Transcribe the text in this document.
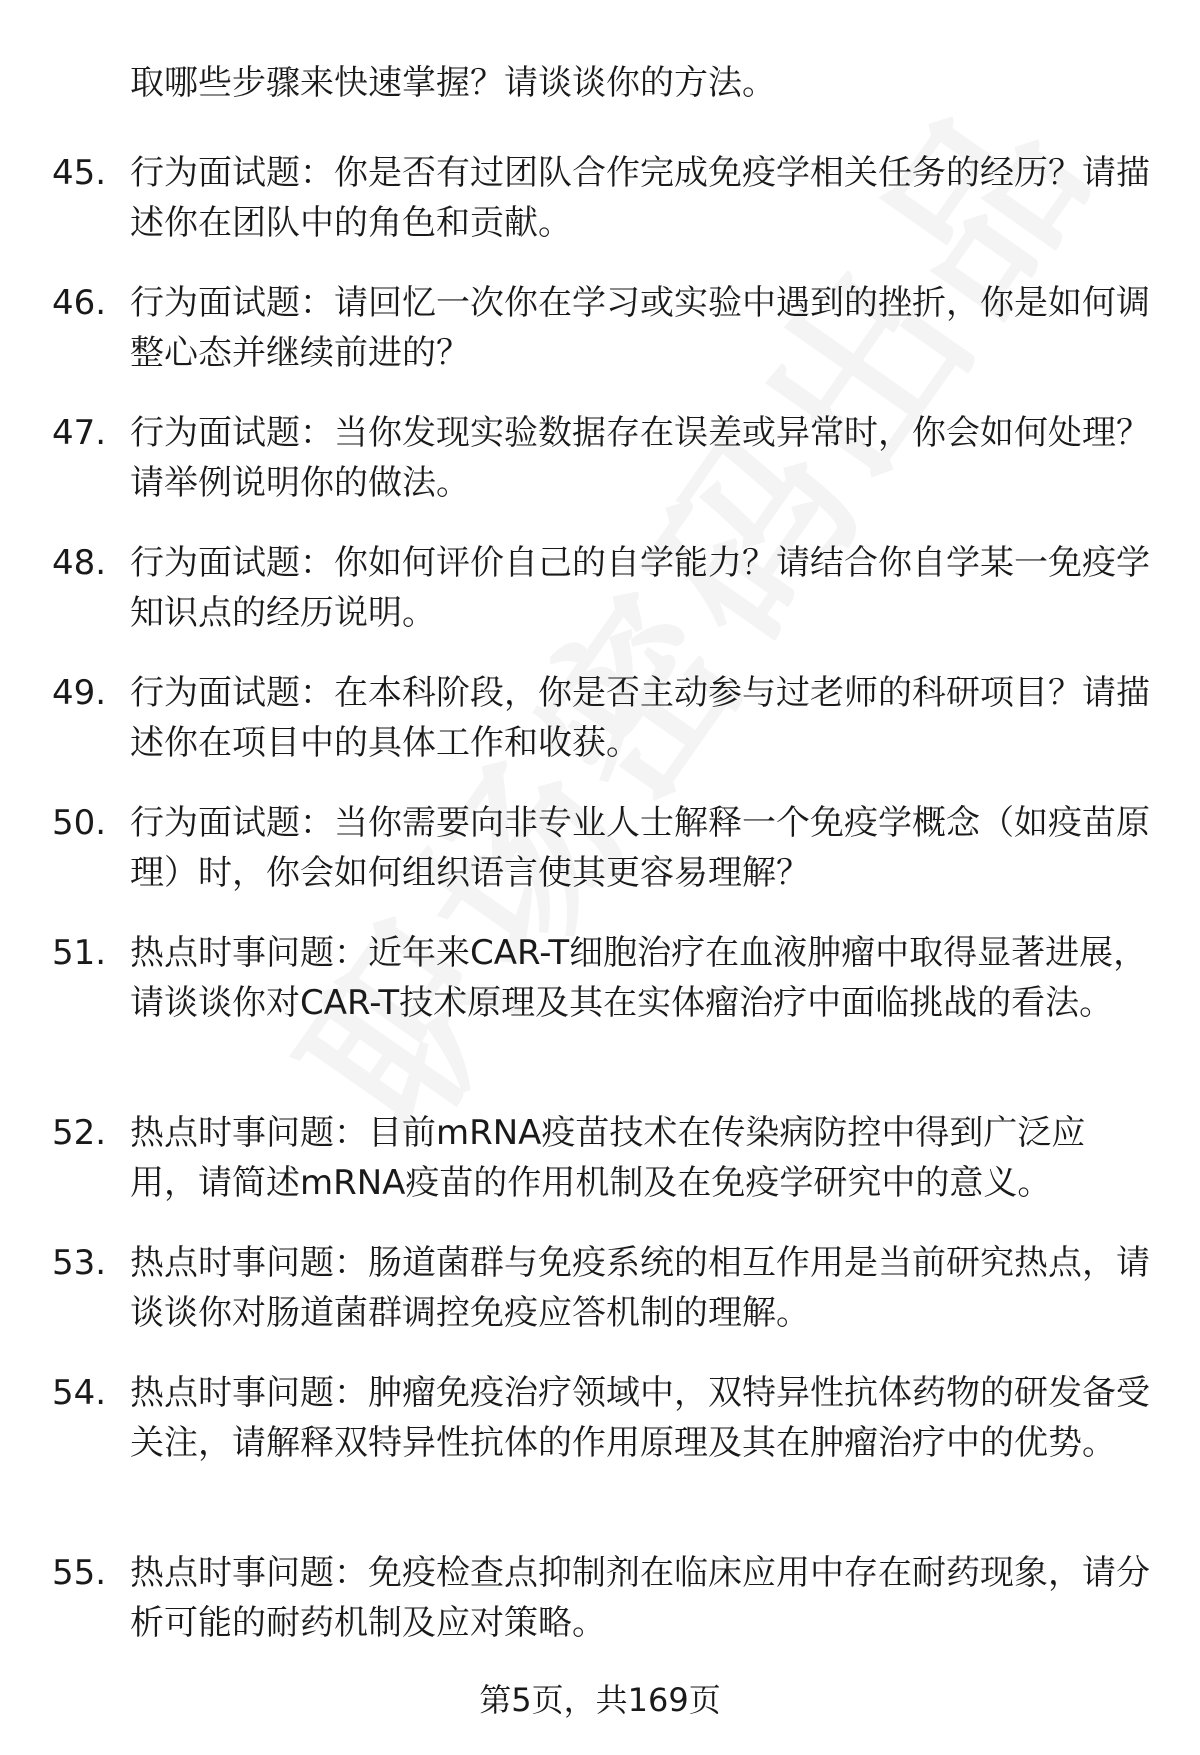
取哪些步骤来快速掌握？请谈谈你的方法。
45. 行为面试题：你是否有过团队合作完成免疫学相关任务的经历？请描述你在团队中的角色和贡献。
46. 行为面试题：请回忆一次你在学习或实验中遇到的挫折，你是如何调整心态并继续前进的？
47. 行为面试题：当你发现实验数据存在误差或异常时，你会如何处理？请举例说明你的做法。
48. 行为面试题：你如何评价自己的自学能力？请结合你自学某一免疫学知识点的经历说明。
49. 行为面试题：在本科阶段，你是否主动参与过老师的科研项目？请描述你在项目中的具体工作和收获。
50. 行为面试题：当你需要向非专业人士解释一个免疫学概念（如疫苗原理）时，你会如何组织语言使其更容易理解？
51. 热点时事问题：近年来CAR-T细胞治疗在血液肿瘤中取得显著进展，请谈谈你对CAR-T技术原理及其在实体瘤治疗中面临挑战的看法。
52. 热点时事问题：目前mRNA疫苗技术在传染病防控中得到广泛应用，请简述mRNA疫苗的作用机制及在免疫学研究中的意义。
53. 热点时事问题：肠道菌群与免疫系统的相互作用是当前研究热点，请谈谈你对肠道菌群调控免疫应答机制的理解。
54. 热点时事问题：肿瘤免疫治疗领域中，双特异性抗体药物的研发备受关注，请解释双特异性抗体的作用原理及其在肿瘤治疗中的优势。
55. 热点时事问题：免疫检查点抑制剂在临床应用中存在耐药现象，请分析可能的耐药机制及应对策略。
第5页，共169页
